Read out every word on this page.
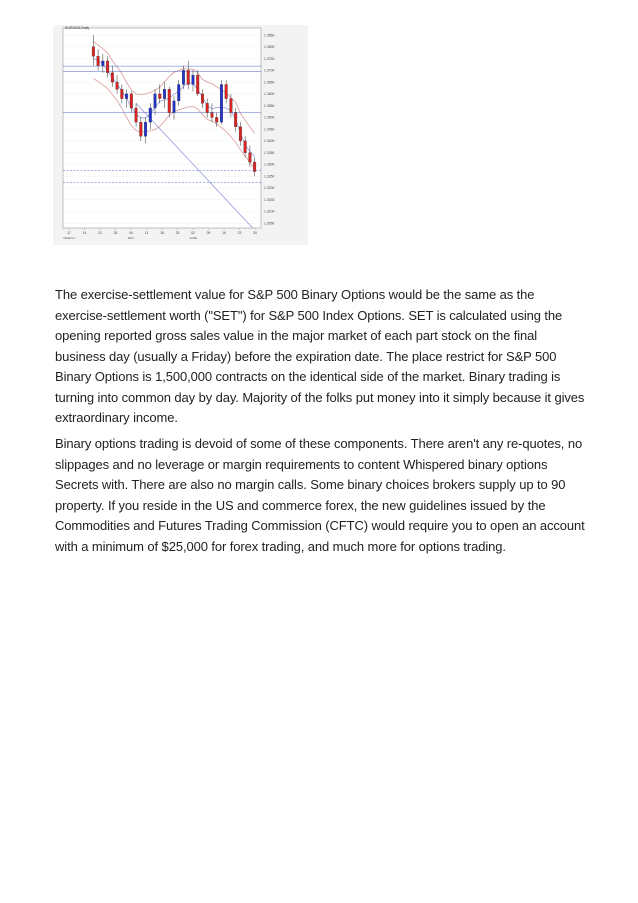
EURUSD,Daily
1.3850
1.3800
1.3750
1.3700
1.3650
1.3600
1.3550
1.3500
1.3450
1.3400
1.3350
1.3300
1.3250
1.3200
1.3150
1.3100
1.3050
17	14	21	28	04	11	18	25	02	09	16	23	30
MARCH	MAY	JUNE

The exercise-settlement value for S&P 500 Binary Options would be the same as the exercise-settlement worth ("SET") for S&P 500 Index Options. SET is calculated using the opening reported gross sales value in the major market of each part stock on the final business day (usually a Friday) before the expiration date. The place restrict for S&P 500 Binary Options is 1,500,000 contracts on the identical side of the market. Binary trading is turning into common day by day. Majority of the folks put money into it simply because it gives extraordinary income.

Binary options trading is devoid of some of these components. There aren't any re-quotes, no slippages and no leverage or margin requirements to content Whispered binary options Secrets with. There are also no margin calls. Some binary choices brokers supply up to 90 property. If you reside in the US and commerce forex, the new guidelines issued by the Commodities and Futures Trading Commission (CFTC) would require you to open an account with a minimum of $25,000 for forex trading, and much more for options trading.
